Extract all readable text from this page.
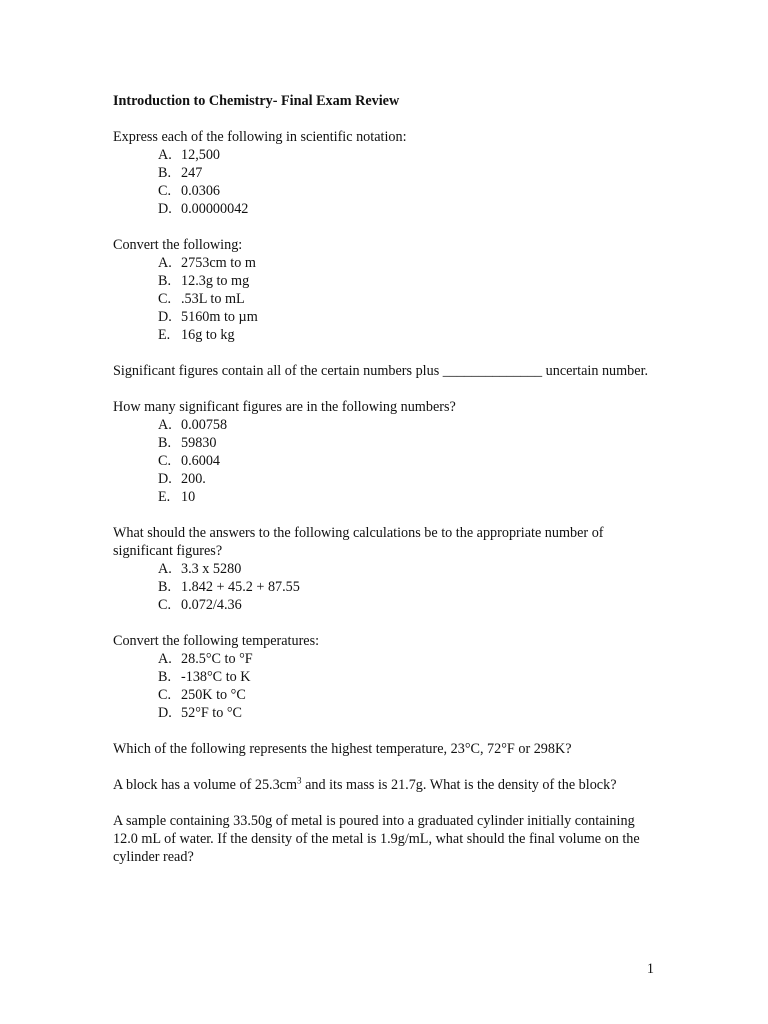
Introduction to Chemistry- Final Exam Review

Express each of the following in scientific notation:

A. 12,500
B. 247
C. 0.0306
D. 0.00000042

Convert the following:

A. 2753cm to m
B. 12.3g to mg
C. .53L to mL
D. 5160m to µm
E. 16g to kg

Significant figures contain all of the certain numbers plus ______________ uncertain number.

How many significant figures are in the following numbers?

A. 0.00758
B. 59830
C. 0.6004
D. 200.
E. 10

What should the answers to the following calculations be to the appropriate number of significant figures?

A. 3.3 x 5280
B. 1.842 + 45.2 + 87.55
C. 0.072/4.36

Convert the following temperatures:

A. 28.5°C to °F
B. -138°C to K
C. 250K to °C
D. 52°F to °C

Which of the following represents the highest temperature, 23°C, 72°F or 298K?

A block has a volume of $25.3cm^3$ and its mass is 21.7g. What is the density of the block?

A sample containing 33.50g of metal is poured into a graduated cylinder initially containing 12.0 mL of water. If the density of the metal is 1.9g/mL, what should the final volume on the cylinder read?

1
